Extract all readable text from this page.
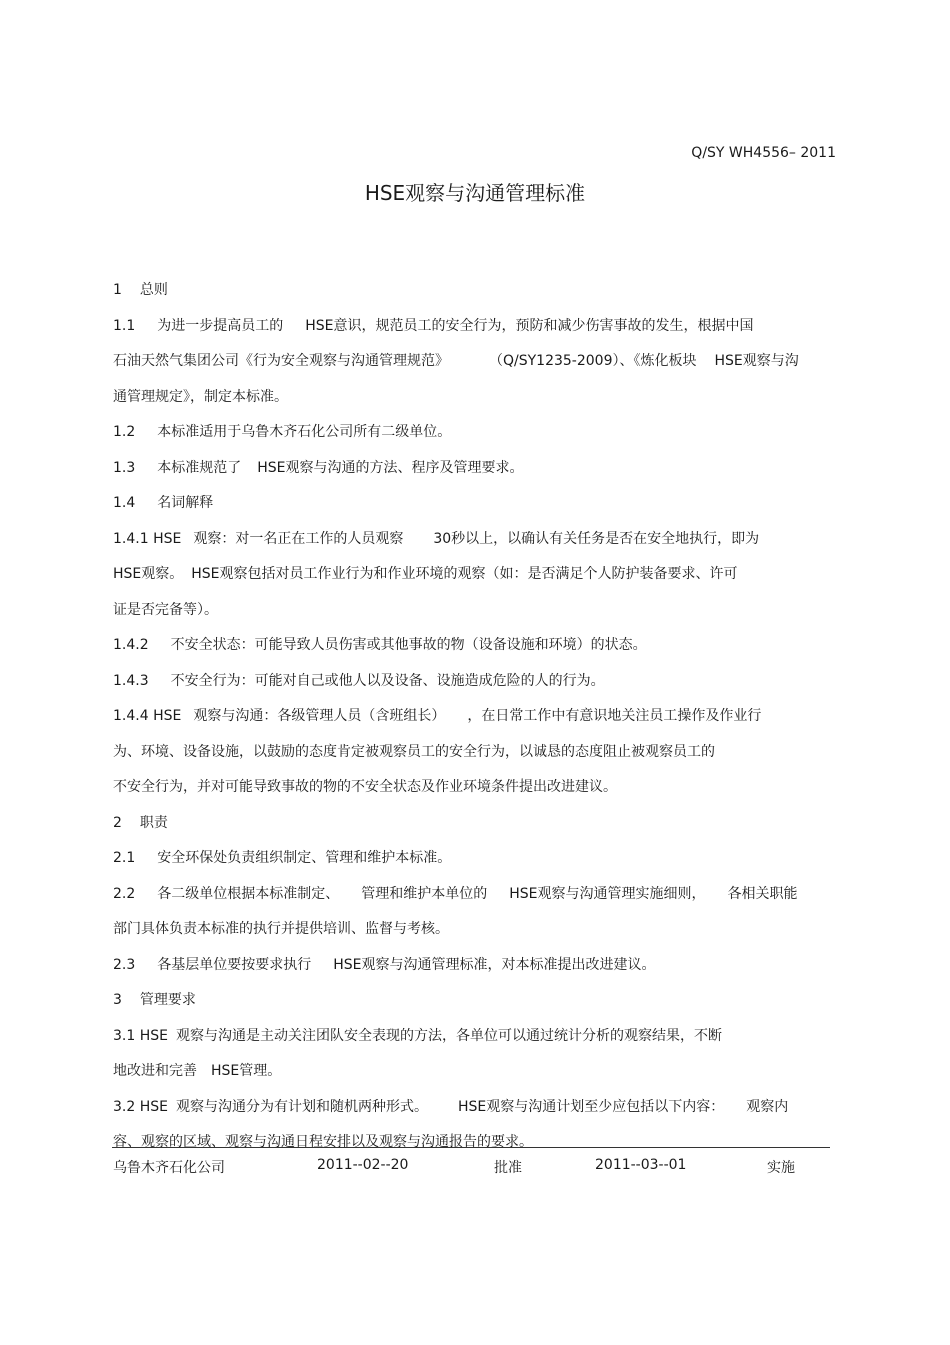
Q/SY WH4556– 2011
HSE观察与沟通管理标准
1 总则
1.1 为进一步提高员工的 HSE意识，规范员工的安全行为，预防和减少伤害事故的发生，根据中国
石油天然气集团公司《行为安全观察与沟通管理规范》	（Q/SY1235-2009）、《炼化板块 HSE观察与沟
通管理规定》，制定本标准。
1.2 本标准适用于乌鲁木齐石化公司所有二级单位。
1.3 本标准规范了 HSE观察与沟通的方法、程序及管理要求。
1.4 名词解释
1.4.1 HSE 观察：对一名正在工作的人员观察 30秒以上，以确认有关任务是否在安全地执行，即为
HSE观察。 HSE观察包括对员工作业行为和作业环境的观察（如：是否满足个人防护装备要求、许可
证是否完备等）。
1.4.2 不安全状态：可能导致人员伤害或其他事故的物（设备设施和环境）的状态。
1.4.3 不安全行为：可能对自己或他人以及设备、设施造成危险的人的行为。
1.4.4 HSE 观察与沟通：各级管理人员（含班组长） ，在日常工作中有意识地关注员工操作及作业行
为、环境、设备设施，以鼓励的态度肯定被观察员工的安全行为，以诚恳的态度阻止被观察员工的
不安全行为，并对可能导致事故的物的不安全状态及作业环境条件提出改进建议。
2 职责
2.1 安全环保处负责组织制定、管理和维护本标准。
2.2 各二级单位根据本标准制定、 管理和维护本单位的 HSE观察与沟通管理实施细则， 各相关职能
部门具体负责本标准的执行并提供培训、监督与考核。
2.3 各基层单位要按要求执行 HSE观察与沟通管理标准，对本标准提出改进建议。
3 管理要求
3.1 HSE 观察与沟通是主动关注团队安全表现的方法，各单位可以通过统计分析的观察结果，不断
地改进和完善 HSE管理。
3.2 HSE 观察与沟通分为有计划和随机两种形式。 HSE观察与沟通计划至少应包括以下内容： 观察内
容、观察的区域、观察与沟通日程安排以及观察与沟通报告的要求。
乌鲁木齐石化公司	2011--02--20	批准	2011--03--01	实施
